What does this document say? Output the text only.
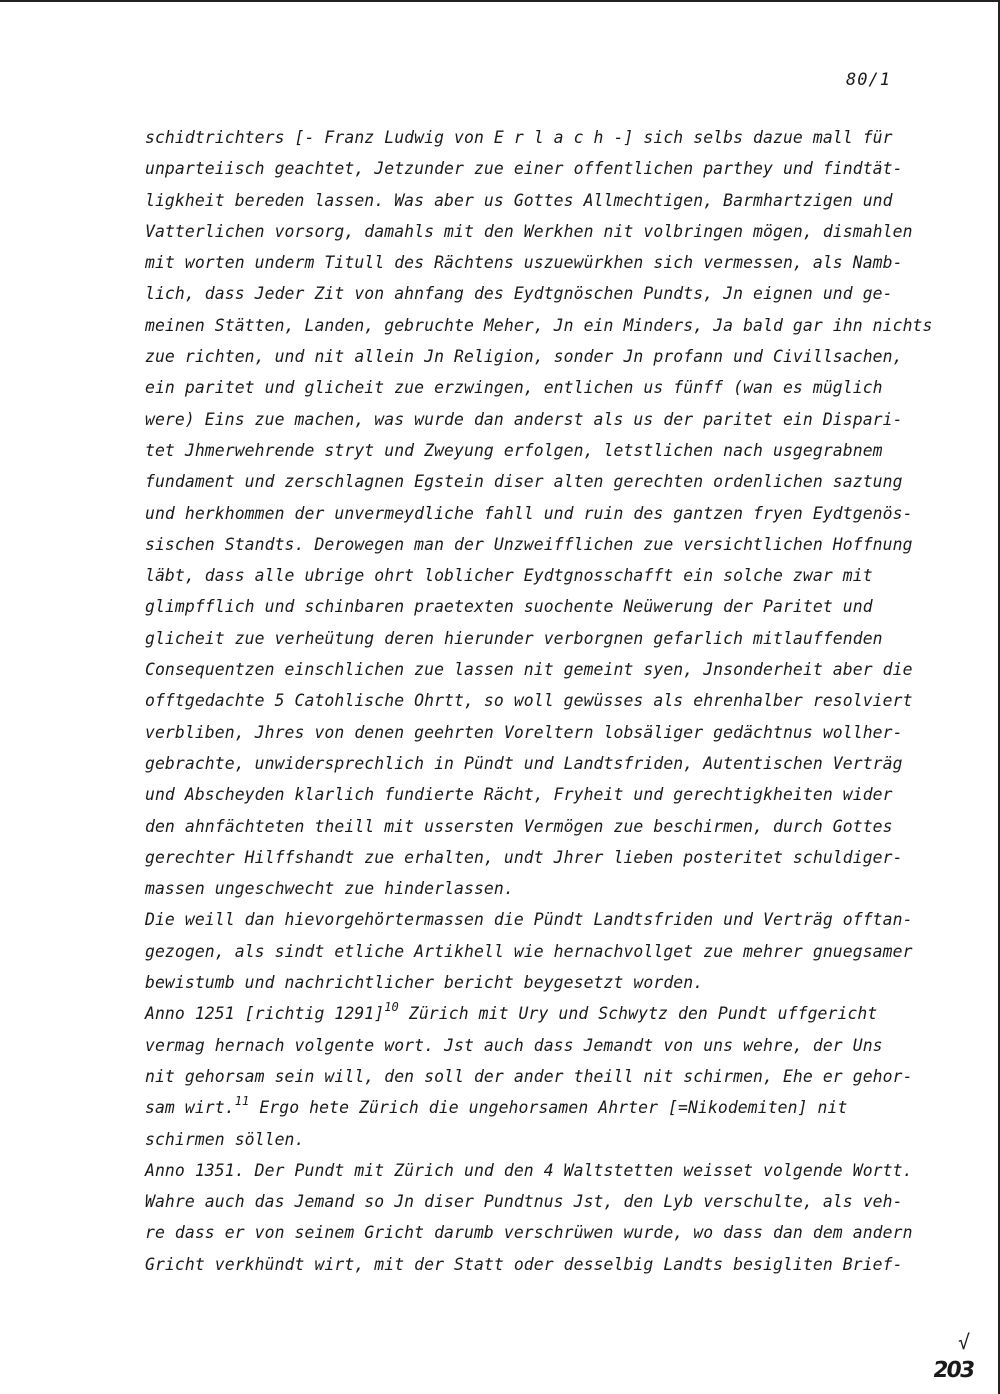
80/1
schidtrichters [- Franz Ludwig von E r l a c h -] sich selbs dazue mall für
unparteiisch geachtet, Jetzunder zue einer offentlichen parthey und findtät-
ligkheit bereden lassen. Was aber us Gottes Allmechtigen, Barmhartzigen und
Vatterlichen vorsorg, damahls mit den Werkhen nit volbringen mögen, dismahlen
mit worten underm Titull des Rächtens uszuewürkhen sich vermessen, als Namb-
lich, dass Jeder Zit von ahnfang des Eydtgnöschen Pundts, Jn eignen und ge-
meinen Stätten, Landen, gebruchte Meher, Jn ein Minders, Ja bald gar ihn nichts
zue richten, und nit allein Jn Religion, sonder Jn profann und Civillsachen,
ein paritet und glicheit zue erzwingen, entlichen us fünff (wan es müglich
were) Eins zue machen, was wurde dan anderst als us der paritet ein Dispari-
tet Jhmerwehrende stryt und Zweyung erfolgen, letstlichen nach usgegrabnem
fundament und zerschlagnen Egstein diser alten gerechten ordenlichen saztung
und herkhommen der unvermeydliche fahll und ruin des gantzen fryen Eydtgenös-
sischen Standts. Derowegen man der Unzweifflichen zue versichtlichen Hoffnung
läbt, dass alle ubrige ohrt loblicher Eydtgnosschafft ein solche zwar mit
glimpfflich und schinbaren praetexten suochente Neüwerung der Paritet und
glicheit zue verheütung deren hierunder verborgnen gefarlich mitlauffenden
Consequentzen einschlichen zue lassen nit gemeint syen, Jnsonderheit aber die
offtgedachte 5 Catohlische Ohrtt, so woll gewüsses als ehrenhalber resolviert
verbliben, Jhres von denen geehrten Voreltern lobsäliger gedächtnus wollher-
gebrachte, unwidersprechlich in Pündt und Landtsfriden, Autentischen Verträg
und Abscheyden klarlich fundierte Rächt, Fryheit und gerechtigkheiten wider
den ahnfächteten theill mit ussersten Vermögen zue beschirmen, durch Gottes
gerechter Hilffshandt zue erhalten, undt Jhrer lieben posteritet schuldiger-
massen ungeschwecht zue hinderlassen.
Die weill dan hievorgehörtermassen die Pündt Landtsfriden und Verträg offtan-
gezogen, als sindt etliche Artikhell wie hernachvollget zue mehrer gnuegsamer
bewistumb und nachrichtlicher bericht beygesetzt worden.
Anno 1251 [richtig 1291]$^{10}$ Zürich mit Ury und Schwytz den Pundt uffgericht
vermag hernach volgente wort. Jst auch dass Jemandt von uns wehre, der Uns
nit gehorsam sein will, den soll der ander theill nit schirmen, Ehe er gehor-
sam wirt.$^{11}$ Ergo hete Zürich die ungehorsamen Ahrter [=Nikodemiten] nit
schirmen söllen.
Anno 1351. Der Pundt mit Zürich und den 4 Waltstetten weisset volgende Wortt.
Wahre auch das Jemand so Jn diser Pundtnus Jst, den Lyb verschulte, als veh-
re dass er von seinem Gricht darumb verschrüwen wurde, wo dass dan dem andern
Gricht verkhündt wirt, mit der Statt oder desselbig Landts besigliten Brief-
√
203
